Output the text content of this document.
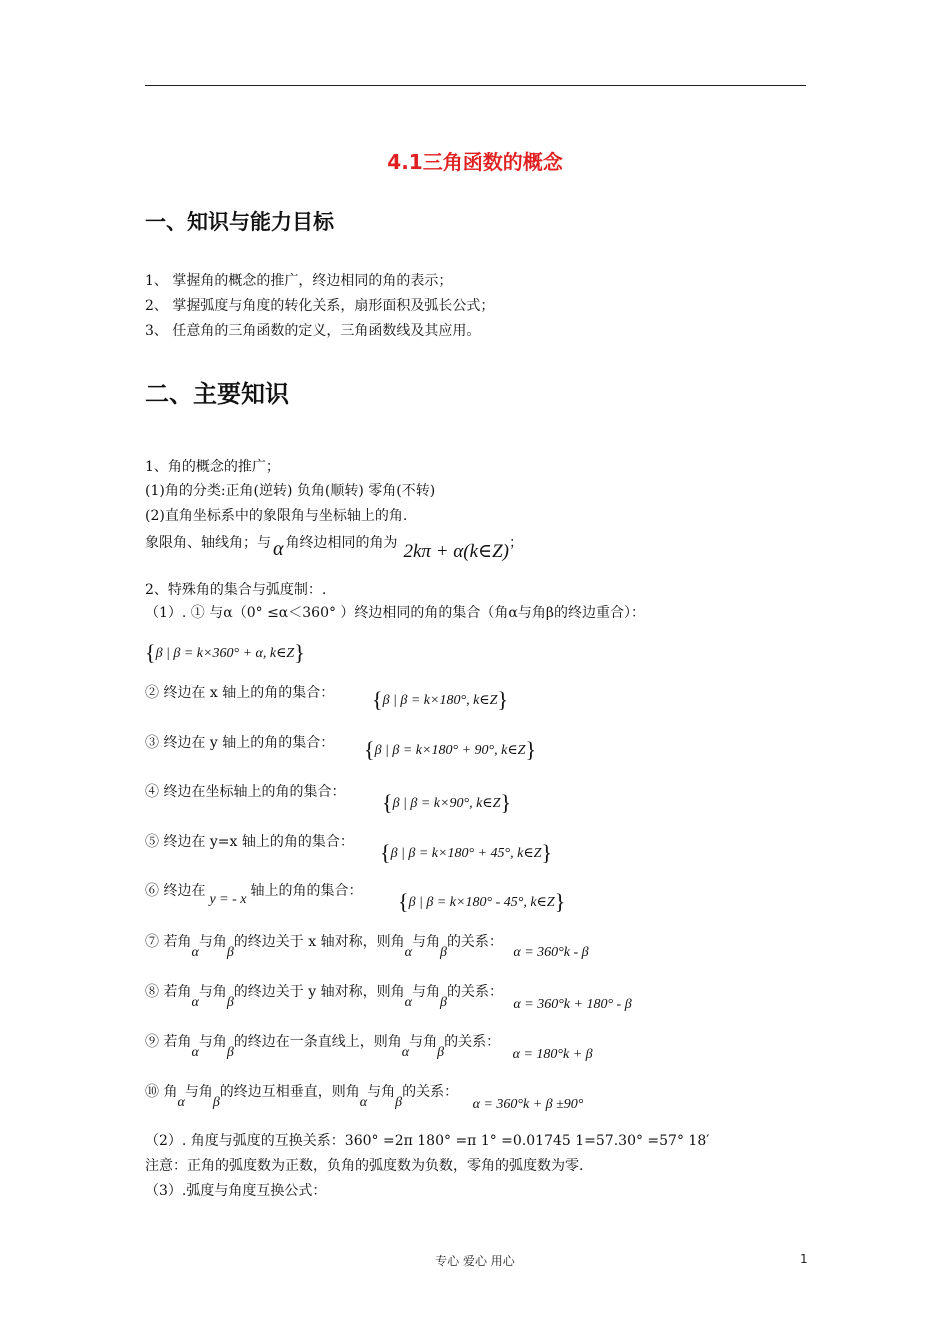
4.1三角函数的概念
一、知识与能力目标
1、 掌握角的概念的推广，终边相同的角的表示；
2、 掌握弧度与角度的转化关系，扇形面积及弧长公式；
3、 任意角的三角函数的定义，三角函数线及其应用。
二、主要知识
1、角的概念的推广；
(1)角的分类:正角(逆转) 负角(顺转) 零角(不转)
(2)直角坐标系中的象限角与坐标轴上的角.
象限角、轴线角；与 α 角终边相同的角为 2kπ + α(k∈Z)；
2、特殊角的集合与弧度制：.
（1）. ① 与α（0° ≤α＜360° ）终边相同的角的集合（角α与角β的终边重合）：
{β | β = k×360° + α, k∈Z}
② 终边在 x 轴上的角的集合： {β | β = k×180°, k∈Z}
③ 终边在 y 轴上的角的集合： {β | β = k×180° + 90°, k∈Z}
④ 终边在坐标轴上的角的集合： {β | β = k×90°, k∈Z}
⑤ 终边在 y=x 轴上的角的集合： {β | β = k×180° + 45°, k∈Z}
⑥ 终边在y = - x轴上的角的集合： {β | β = k×180° - 45°, k∈Z}
⑦ 若角α与角β的终边关于 x 轴对称，则角α与角β的关系： α = 360°k - β
⑧ 若角α与角β的终边关于 y 轴对称，则角α与角β的关系： α = 360°k + 180° - β
⑨ 若角α与角β的终边在一条直线上，则角α与角β的关系： α = 180°k + β
⑩ 角α与角β的终边互相垂直，则角α与角β的关系： α = 360°k + β ±90°
（2）. 角度与弧度的互换关系：360° =2π 180° =π 1° =0.01745 1=57.30° =57° 18′
注意：正角的弧度数为正数，负角的弧度数为负数，零角的弧度数为零.
（3）.弧度与角度互换公式：
专心 爱心 用心	1
